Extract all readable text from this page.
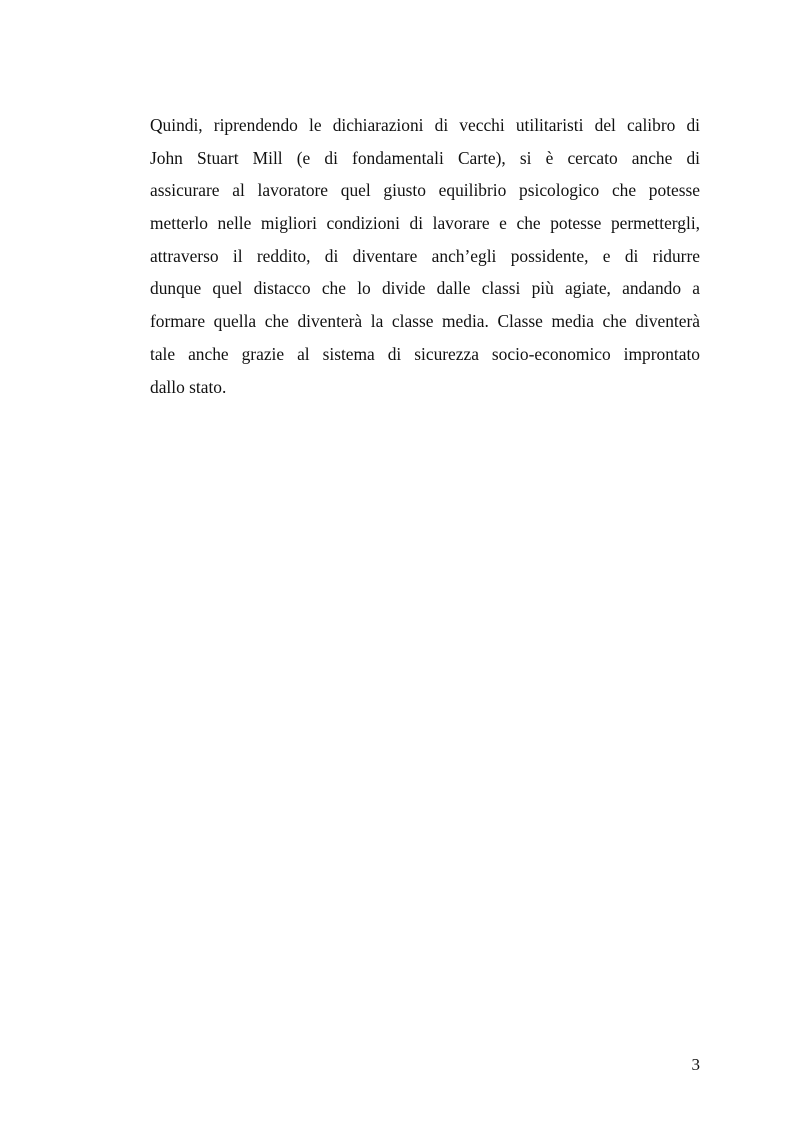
Quindi, riprendendo le dichiarazioni di vecchi utilitaristi del calibro di
John Stuart Mill (e di fondamentali Carte), si è cercato anche di
assicurare al lavoratore quel giusto equilibrio psicologico che potesse
metterlo nelle migliori condizioni di lavorare e che potesse permettergli,
attraverso il reddito, di diventare anch’egli possidente, e di ridurre
dunque quel distacco che lo divide dalle classi più agiate, andando a
formare quella che diventerà la classe media. Classe media che diventerà
tale anche grazie al sistema di sicurezza socio-economico improntato
dallo stato.

3
